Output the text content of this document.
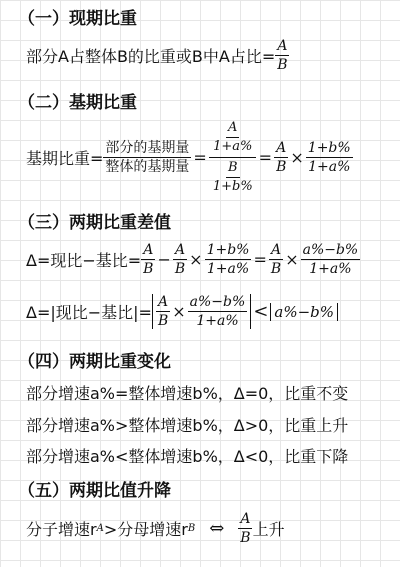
（一）现期比重
部分A占整体B的比重或B中A占比= $\frac{A}{B}$
（二）基期比重
基期比重= $\frac{\text{部分的基期量}}{\text{整体的基期量}} = \frac{\frac{A}{1+a\%}}{\frac{B}{1+b\%}} = \frac{A}{B} \times \frac{1+b\%}{1+a\%}$
（三）两期比重差值
Δ=现比−基比= $\frac{A}{B} - \frac{A}{B} \times \frac{1+b\%}{1+a\%} = \frac{A}{B} \times \frac{a\%-b\%}{1+a\%}$
Δ=|现比−基比|= $\frac{A}{B} \times \frac{a\%-b\%}{1+a\%} < a\%-b\%$
（四）两期比重变化
部分增速a%=整体增速b%，Δ=0，比重不变
部分增速a%>整体增速b%，Δ>0，比重上升
部分增速a%<整体增速b%，Δ<0，比重下降
（五）两期比值升降
分子增速r A >分母增速r B ⇔ $\frac{A}{B}$ 上升
